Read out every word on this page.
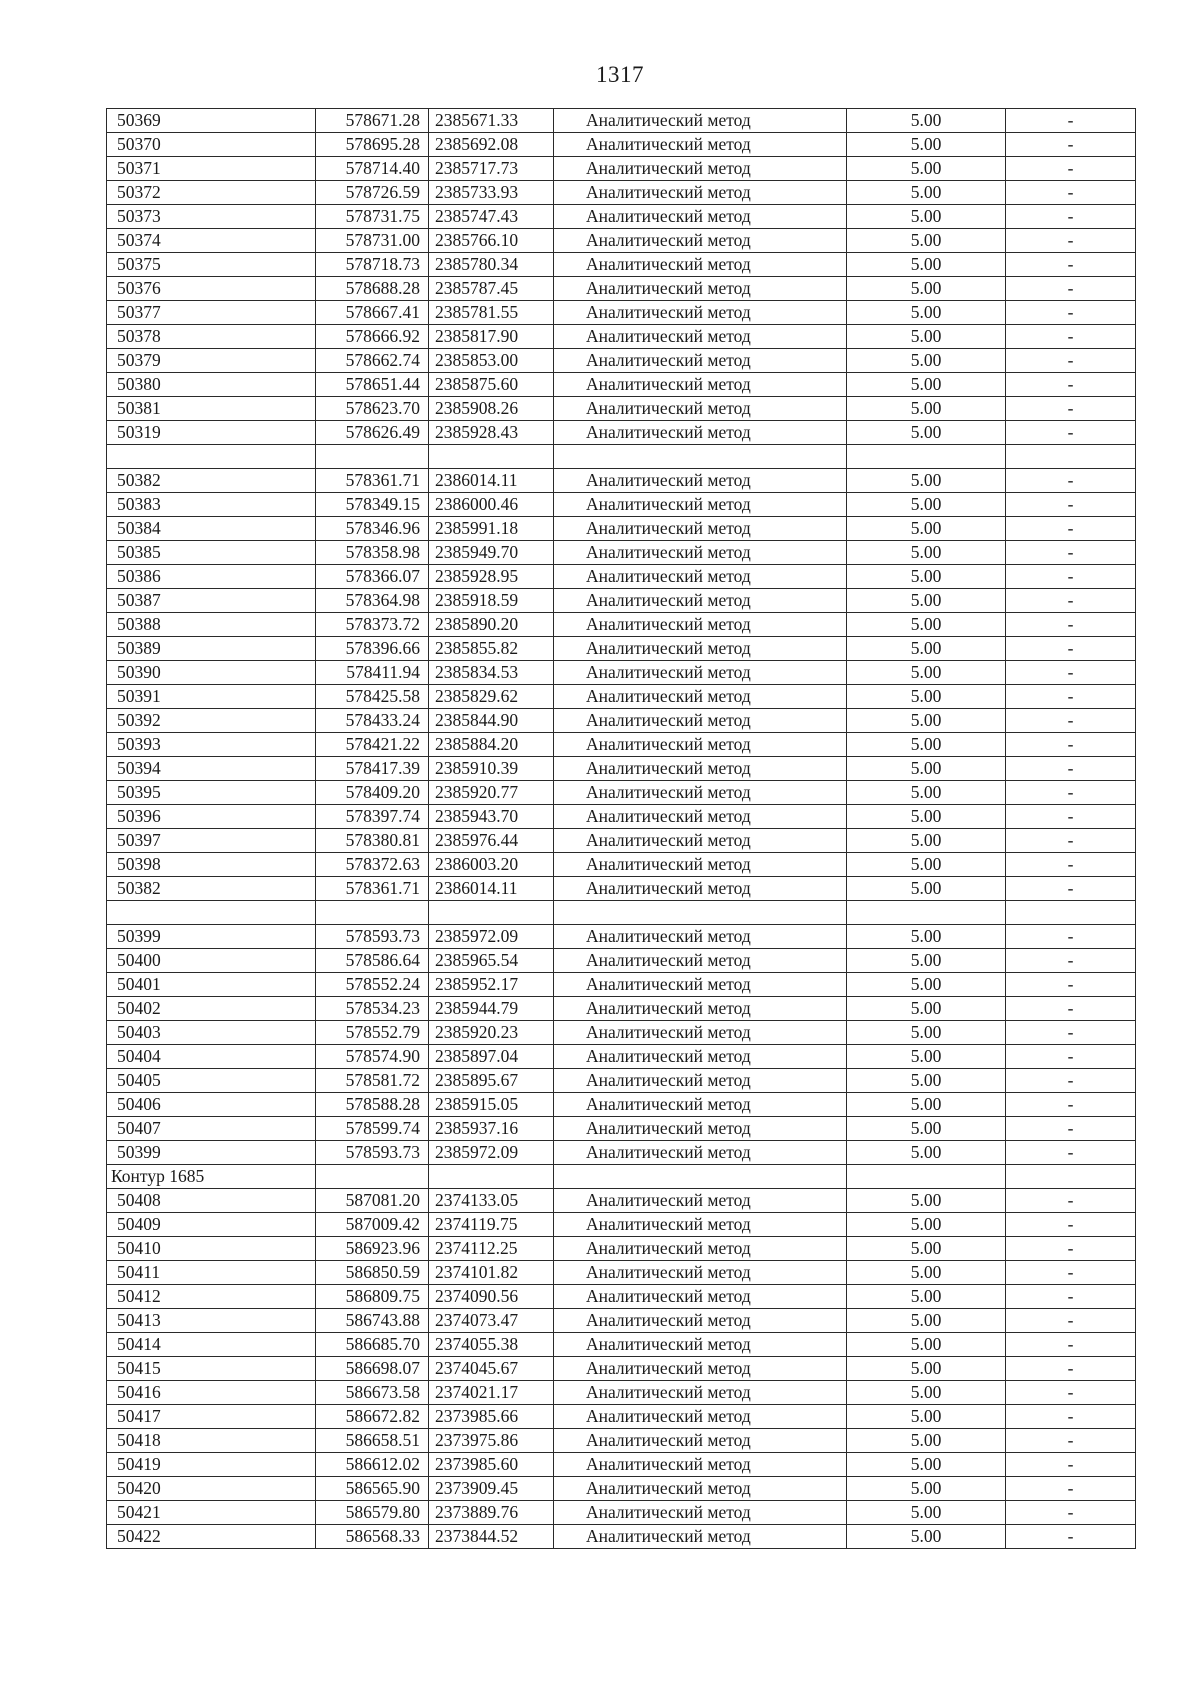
1317
50369	578671.28	2385671.33	Аналитический метод	5.00	-
50370	578695.28	2385692.08	Аналитический метод	5.00	-
50371	578714.40	2385717.73	Аналитический метод	5.00	-
50372	578726.59	2385733.93	Аналитический метод	5.00	-
50373	578731.75	2385747.43	Аналитический метод	5.00	-
50374	578731.00	2385766.10	Аналитический метод	5.00	-
50375	578718.73	2385780.34	Аналитический метод	5.00	-
50376	578688.28	2385787.45	Аналитический метод	5.00	-
50377	578667.41	2385781.55	Аналитический метод	5.00	-
50378	578666.92	2385817.90	Аналитический метод	5.00	-
50379	578662.74	2385853.00	Аналитический метод	5.00	-
50380	578651.44	2385875.60	Аналитический метод	5.00	-
50381	578623.70	2385908.26	Аналитический метод	5.00	-
50319	578626.49	2385928.43	Аналитический метод	5.00	-

50382	578361.71	2386014.11	Аналитический метод	5.00	-
50383	578349.15	2386000.46	Аналитический метод	5.00	-
50384	578346.96	2385991.18	Аналитический метод	5.00	-
50385	578358.98	2385949.70	Аналитический метод	5.00	-
50386	578366.07	2385928.95	Аналитический метод	5.00	-
50387	578364.98	2385918.59	Аналитический метод	5.00	-
50388	578373.72	2385890.20	Аналитический метод	5.00	-
50389	578396.66	2385855.82	Аналитический метод	5.00	-
50390	578411.94	2385834.53	Аналитический метод	5.00	-
50391	578425.58	2385829.62	Аналитический метод	5.00	-
50392	578433.24	2385844.90	Аналитический метод	5.00	-
50393	578421.22	2385884.20	Аналитический метод	5.00	-
50394	578417.39	2385910.39	Аналитический метод	5.00	-
50395	578409.20	2385920.77	Аналитический метод	5.00	-
50396	578397.74	2385943.70	Аналитический метод	5.00	-
50397	578380.81	2385976.44	Аналитический метод	5.00	-
50398	578372.63	2386003.20	Аналитический метод	5.00	-
50382	578361.71	2386014.11	Аналитический метод	5.00	-

50399	578593.73	2385972.09	Аналитический метод	5.00	-
50400	578586.64	2385965.54	Аналитический метод	5.00	-
50401	578552.24	2385952.17	Аналитический метод	5.00	-
50402	578534.23	2385944.79	Аналитический метод	5.00	-
50403	578552.79	2385920.23	Аналитический метод	5.00	-
50404	578574.90	2385897.04	Аналитический метод	5.00	-
50405	578581.72	2385895.67	Аналитический метод	5.00	-
50406	578588.28	2385915.05	Аналитический метод	5.00	-
50407	578599.74	2385937.16	Аналитический метод	5.00	-
50399	578593.73	2385972.09	Аналитический метод	5.00	-
Контур 1685					
50408	587081.20	2374133.05	Аналитический метод	5.00	-
50409	587009.42	2374119.75	Аналитический метод	5.00	-
50410	586923.96	2374112.25	Аналитический метод	5.00	-
50411	586850.59	2374101.82	Аналитический метод	5.00	-
50412	586809.75	2374090.56	Аналитический метод	5.00	-
50413	586743.88	2374073.47	Аналитический метод	5.00	-
50414	586685.70	2374055.38	Аналитический метод	5.00	-
50415	586698.07	2374045.67	Аналитический метод	5.00	-
50416	586673.58	2374021.17	Аналитический метод	5.00	-
50417	586672.82	2373985.66	Аналитический метод	5.00	-
50418	586658.51	2373975.86	Аналитический метод	5.00	-
50419	586612.02	2373985.60	Аналитический метод	5.00	-
50420	586565.90	2373909.45	Аналитический метод	5.00	-
50421	586579.80	2373889.76	Аналитический метод	5.00	-
50422	586568.33	2373844.52	Аналитический метод	5.00	-
